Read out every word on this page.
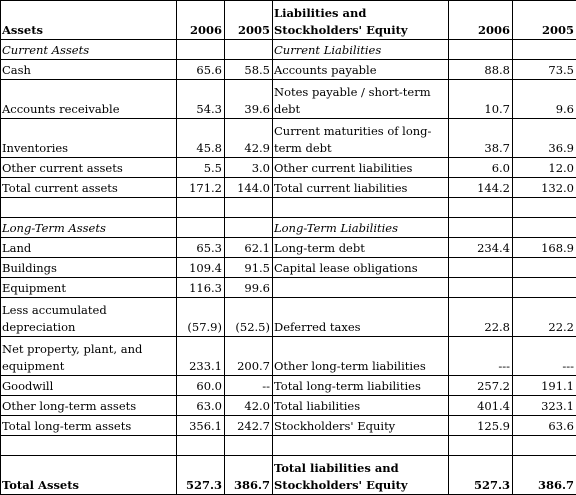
Assets	2006	2005	Liabilities and Stockholders' Equity	2006	2005
Current Assets			Current Liabilities		
Cash	65.6	58.5	Accounts payable	88.8	73.5
Accounts receivable	54.3	39.6	Notes payable / short-term debt	10.7	9.6
Inventories	45.8	42.9	Current maturities of long-term debt	38.7	36.9
Other current assets	5.5	3.0	Other current liabilities	6.0	12.0
Total current assets	171.2	144.0	Total current liabilities	144.2	132.0

Long-Term Assets			Long-Term Liabilities		
Land	65.3	62.1	Long-term debt	234.4	168.9
Buildings	109.4	91.5	Capital lease obligations		
Equipment	116.3	99.6			
Less accumulated depreciation	(57.9)	(52.5)	Deferred taxes	22.8	22.2
Net property, plant, and equipment	233.1	200.7	Other long-term liabilities	---	---
Goodwill	60.0	--	Total long-term liabilities	257.2	191.1
Other long-term assets	63.0	42.0	Total liabilities	401.4	323.1
Total long-term assets	356.1	242.7	Stockholders' Equity	125.9	63.6

Total Assets	527.3	386.7	Total liabilities and Stockholders' Equity	527.3	386.7
